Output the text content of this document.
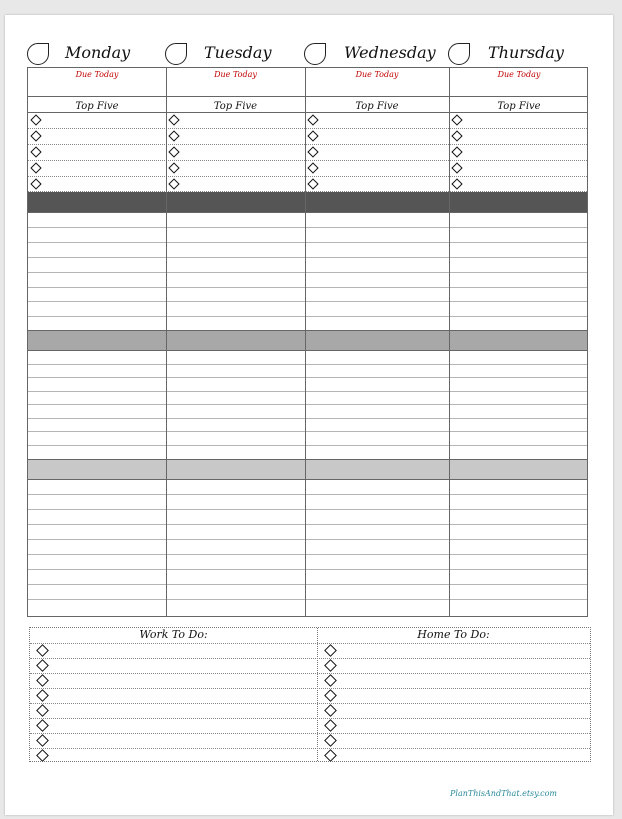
Monday	Tuesday	Wednesday	Thursday
Due Today	Due Today	Due Today	Due Today
Top Five	Top Five	Top Five	Top Five
Work To Do:	Home To Do:
PlanThisAndThat.etsy.com
